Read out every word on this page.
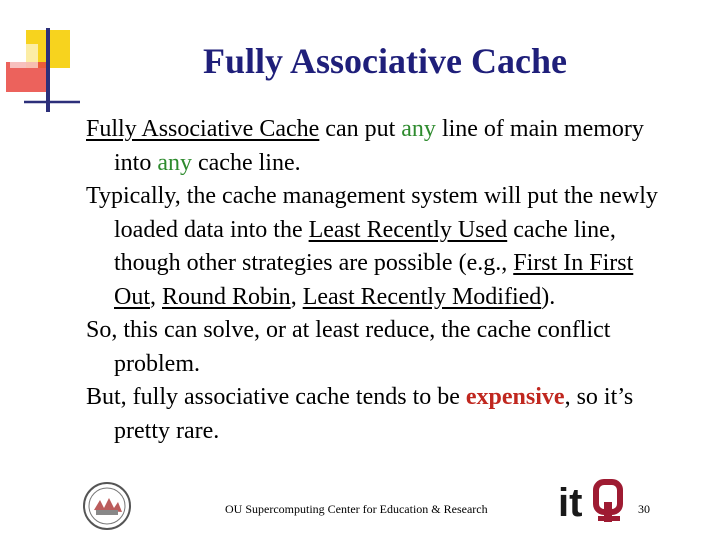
Fully Associative Cache

Fully Associative Cache can put any line of main memory into any cache line.

Typically, the cache management system will put the newly loaded data into the Least Recently Used cache line, though other strategies are possible (e.g., First In First Out, Round Robin, Least Recently Modified).

So, this can solve, or at least reduce, the cache conflict problem.

But, fully associative cache tends to be expensive, so it’s pretty rare.

OU Supercomputing Center for Education & Research	it	30
